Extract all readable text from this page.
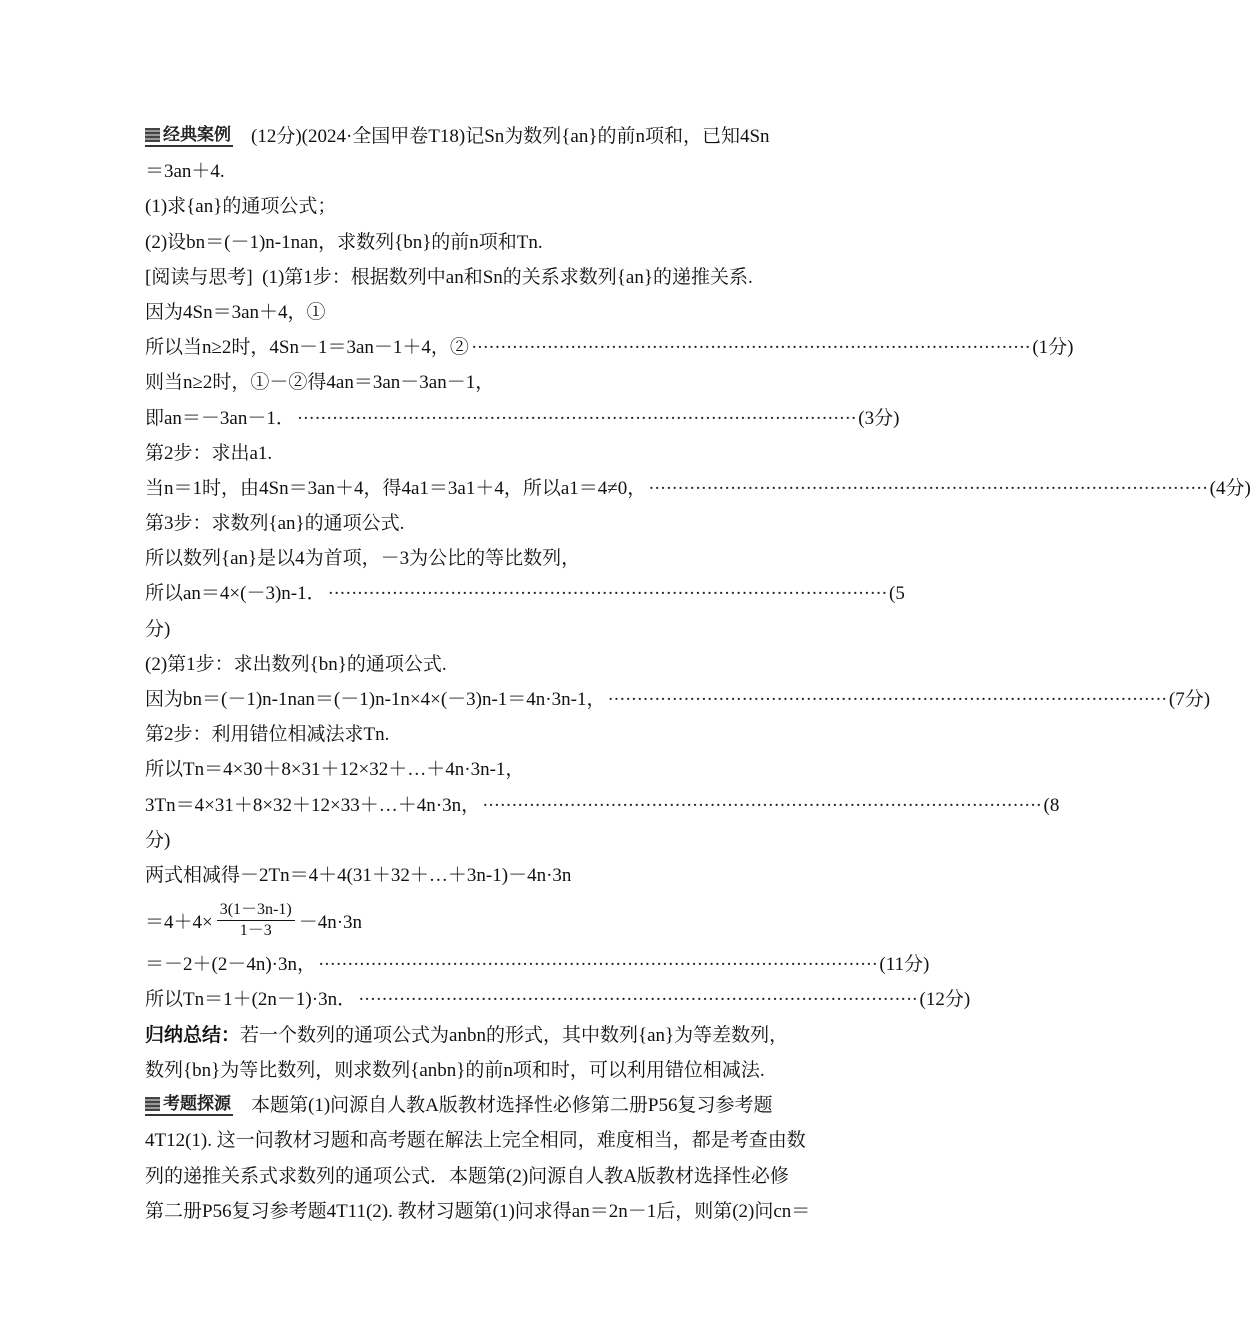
经典案例 (12分)(2024·全国甲卷T18)记Sn为数列{an}的前n项和，已知4Sn
＝3an＋4.
(1)求{an}的通项公式；
(2)设bn＝(－1)n-1nan，求数列{bn}的前n项和Tn.
[阅读与思考] (1)第1步：根据数列中an和Sn的关系求数列{an}的递推关系.
因为4Sn＝3an＋4，①
所以当n≥2时，4Sn－1＝3an－1＋4，② ································································································ (1分)
则当n≥2时，①－②得4an＝3an－3an－1，
即an＝－3an－1． ································································································ (3分)
第2步：求出a1.
当n＝1时，由4Sn＝3an＋4，得4a1＝3a1＋4，所以a1＝4≠0， ································································································ (4分)
第3步：求数列{an}的通项公式.
所以数列{an}是以4为首项，－3为公比的等比数列，
所以an＝4×(－3)n-1． ································································································ (5
分)
(2)第1步：求出数列{bn}的通项公式.
因为bn＝(－1)n-1nan＝(－1)n-1n×4×(－3)n-1＝4n·3n-1， ································································································ (7分)
第2步：利用错位相减法求Tn.
所以Tn＝4×30＋8×31＋12×32＋…＋4n·3n-1，
3Tn＝4×31＋8×32＋12×33＋…＋4n·3n， ································································································ (8
分)
两式相减得－2Tn＝4＋4(31＋32＋…＋3n-1)－4n·3n
$=4+4\times \frac{3(1-3n-1)}{1-3} -4n\cdot 3n$
＝－2＋(2－4n)·3n， ································································································ (11分)
所以Tn＝1＋(2n－1)·3n． ································································································ (12分)
归纳总结：若一个数列的通项公式为anbn的形式，其中数列{an}为等差数列，
数列{bn}为等比数列，则求数列{anbn}的前n项和时，可以利用错位相减法.
考题探源 本题第(1)问源自人教A版教材选择性必修第二册P56复习参考题
4T12(1). 这一问教材习题和高考题在解法上完全相同，难度相当，都是考查由数
列的递推关系式求数列的通项公式．本题第(2)问源自人教A版教材选择性必修
第二册P56复习参考题4T11(2). 教材习题第(1)问求得an＝2n－1后，则第(2)问cn＝
